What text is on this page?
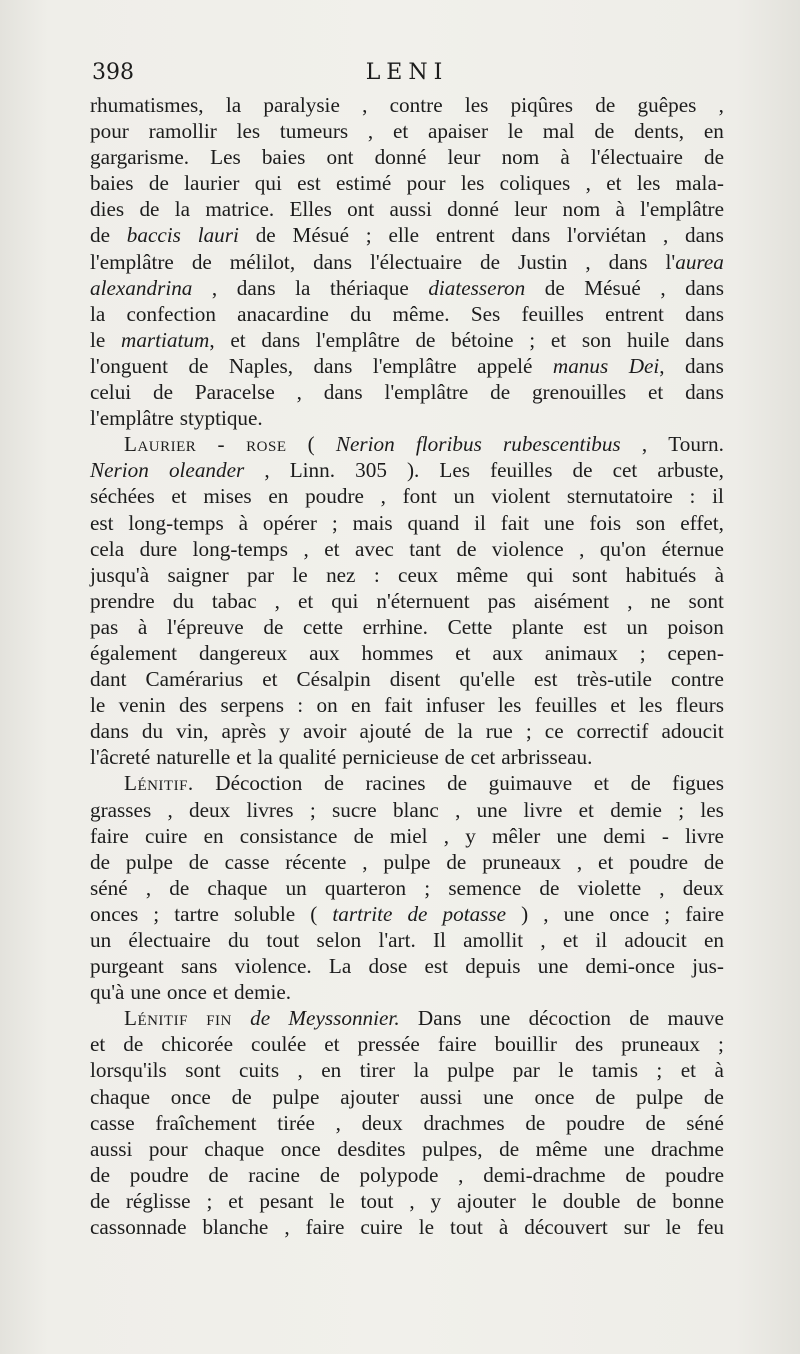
398	LENI
rhumatismes, la paralysie , contre les piqûres de guêpes ,
pour ramollir les tumeurs , et apaiser le mal de dents, en
gargarisme. Les baies ont donné leur nom à l'électuaire de
baies de laurier qui est estimé pour les coliques , et les mala-
dies de la matrice. Elles ont aussi donné leur nom à l'emplâtre
de baccis lauri de Mésué ; elle entrent dans l'orviétan , dans
l'emplâtre de mélilot, dans l'électuaire de Justin , dans l'aurea
alexandrina , dans la thériaque diatesseron de Mésué , dans
la confection anacardine du même. Ses feuilles entrent dans
le martiatum, et dans l'emplâtre de bétoine ; et son huile dans
l'onguent de Naples, dans l'emplâtre appelé manus Dei, dans
celui de Paracelse , dans l'emplâtre de grenouilles et dans
l'emplâtre styptique.
Laurier - rose ( Nerion floribus rubescentibus , Tourn.
Nerion oleander , Linn. 305 ). Les feuilles de cet arbuste,
séchées et mises en poudre , font un violent sternutatoire : il
est long-temps à opérer ; mais quand il fait une fois son effet,
cela dure long-temps , et avec tant de violence , qu'on éternue
jusqu'à saigner par le nez : ceux même qui sont habitués à
prendre du tabac , et qui n'éternuent pas aisément , ne sont
pas à l'épreuve de cette errhine. Cette plante est un poison
également dangereux aux hommes et aux animaux ; cepen-
dant Camérarius et Césalpin disent qu'elle est très-utile contre
le venin des serpens : on en fait infuser les feuilles et les fleurs
dans du vin, après y avoir ajouté de la rue ; ce correctif adoucit
l'âcreté naturelle et la qualité pernicieuse de cet arbrisseau.
Lénitif. Décoction de racines de guimauve et de figues
grasses , deux livres ; sucre blanc , une livre et demie ; les
faire cuire en consistance de miel , y mêler une demi - livre
de pulpe de casse récente , pulpe de pruneaux , et poudre de
séné , de chaque un quarteron ; semence de violette , deux
onces ; tartre soluble ( tartrite de potasse ) , une once ; faire
un électuaire du tout selon l'art. Il amollit , et il adoucit en
purgeant sans violence. La dose est depuis une demi-once jus-
qu'à une once et demie.
Lénitif fin de Meyssonnier. Dans une décoction de mauve
et de chicorée coulée et pressée faire bouillir des pruneaux ;
lorsqu'ils sont cuits , en tirer la pulpe par le tamis ; et à
chaque once de pulpe ajouter aussi une once de pulpe de
casse fraîchement tirée , deux drachmes de poudre de séné
aussi pour chaque once desdites pulpes, de même une drachme
de poudre de racine de polypode , demi-drachme de poudre
de réglisse ; et pesant le tout , y ajouter le double de bonne
cassonnade blanche , faire cuire le tout à découvert sur le feu
